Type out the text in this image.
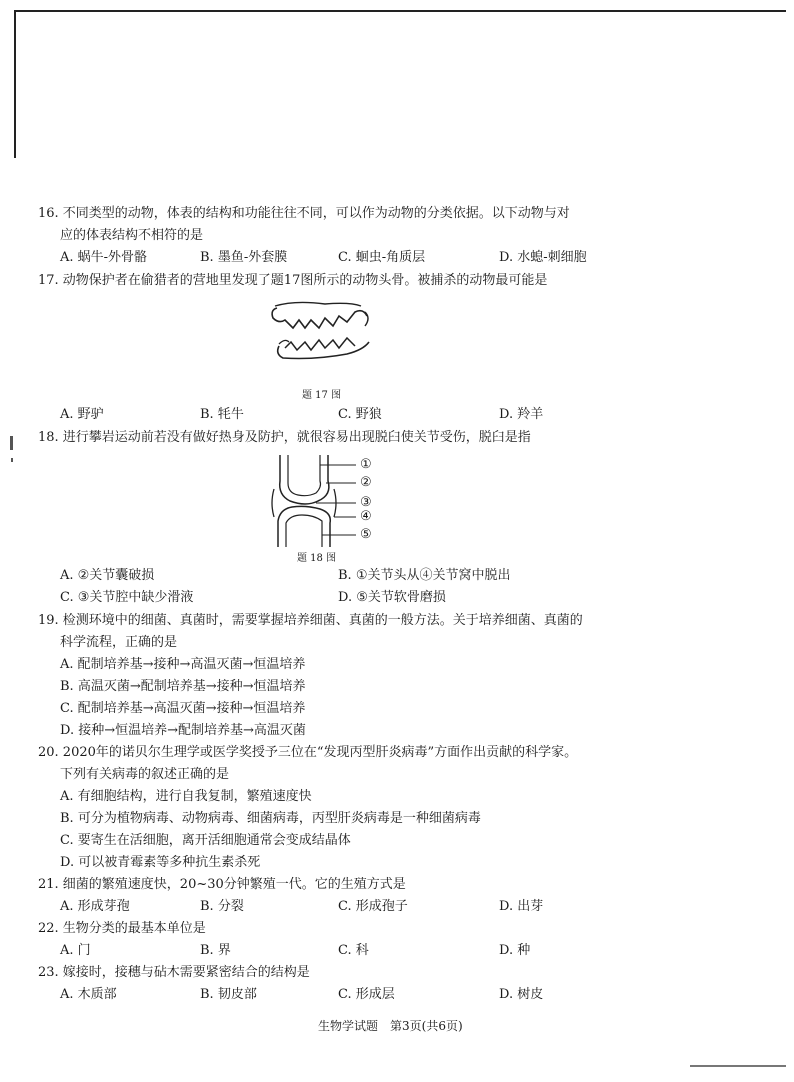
16. 不同类型的动物，体表的结构和功能往往不同，可以作为动物的分类依据。以下动物与对
应的体表结构不相符的是
A. 蜗牛-外骨骼	B. 墨鱼-外套膜	C. 蛔虫-角质层	D. 水螅-刺细胞
17. 动物保护者在偷猎者的营地里发现了题17图所示的动物头骨。被捕杀的动物最可能是
题 17 图
A. 野驴	B. 牦牛	C. 野狼	D. 羚羊
18. 进行攀岩运动前若没有做好热身及防护，就很容易出现脱臼使关节受伤，脱臼是指
①
②
③
④
⑤
题 18 图
A. ②关节囊破损	B. ①关节头从④关节窝中脱出
C. ③关节腔中缺少滑液	D. ⑤关节软骨磨损
19. 检测环境中的细菌、真菌时，需要掌握培养细菌、真菌的一般方法。关于培养细菌、真菌的
科学流程，正确的是
A. 配制培养基→接种→高温灭菌→恒温培养
B. 高温灭菌→配制培养基→接种→恒温培养
C. 配制培养基→高温灭菌→接种→恒温培养
D. 接种→恒温培养→配制培养基→高温灭菌
20. 2020年的诺贝尔生理学或医学奖授予三位在“发现丙型肝炎病毒”方面作出贡献的科学家。
下列有关病毒的叙述正确的是
A. 有细胞结构，进行自我复制，繁殖速度快
B. 可分为植物病毒、动物病毒、细菌病毒，丙型肝炎病毒是一种细菌病毒
C. 要寄生在活细胞，离开活细胞通常会变成结晶体
D. 可以被青霉素等多种抗生素杀死
21. 细菌的繁殖速度快，20~30分钟繁殖一代。它的生殖方式是
A. 形成芽孢	B. 分裂	C. 形成孢子	D. 出芽
22. 生物分类的最基本单位是
A. 门	B. 界	C. 科	D. 种
23. 嫁接时，接穗与砧木需要紧密结合的结构是
A. 木质部	B. 韧皮部	C. 形成层	D. 树皮
生物学试题　第3页(共6页)
